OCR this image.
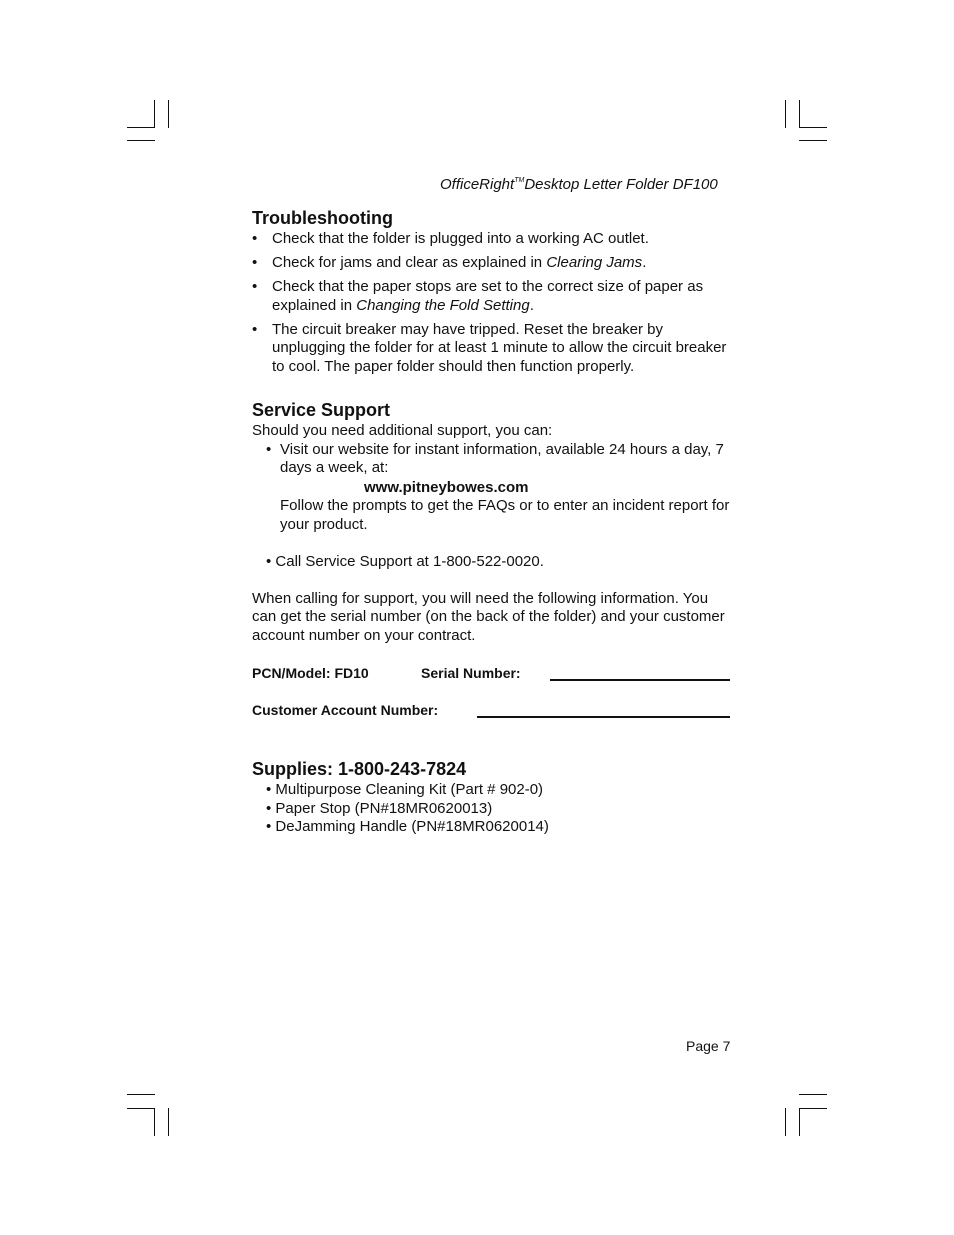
OfficeRight™Desktop Letter Folder DF100
Troubleshooting
• Check that the folder is plugged into a working AC outlet.
• Check for jams and clear as explained in Clearing Jams.
• Check that the paper stops are set to the correct size of paper as explained in Changing the Fold Setting.
• The circuit breaker may have tripped. Reset the breaker by unplugging the folder for at least 1 minute to allow the circuit breaker to cool. The paper folder should then function properly.
Service Support
Should you need additional support, you can:
• Visit our website for instant information, available 24 hours a day, 7 days a week, at:
www.pitneybowes.com
Follow the prompts to get the FAQs or to enter an incident report for your product.
• Call Service Support at 1-800-522-0020.
When calling for support, you will need the following information. You can get the serial number (on the back of the folder) and your customer account number on your contract.
PCN/Model: FD10	Serial Number:
Customer Account Number:
Supplies: 1-800-243-7824
• Multipurpose Cleaning Kit (Part # 902-0)
• Paper Stop (PN#18MR0620013)
• DeJamming Handle (PN#18MR0620014)
Page 7
